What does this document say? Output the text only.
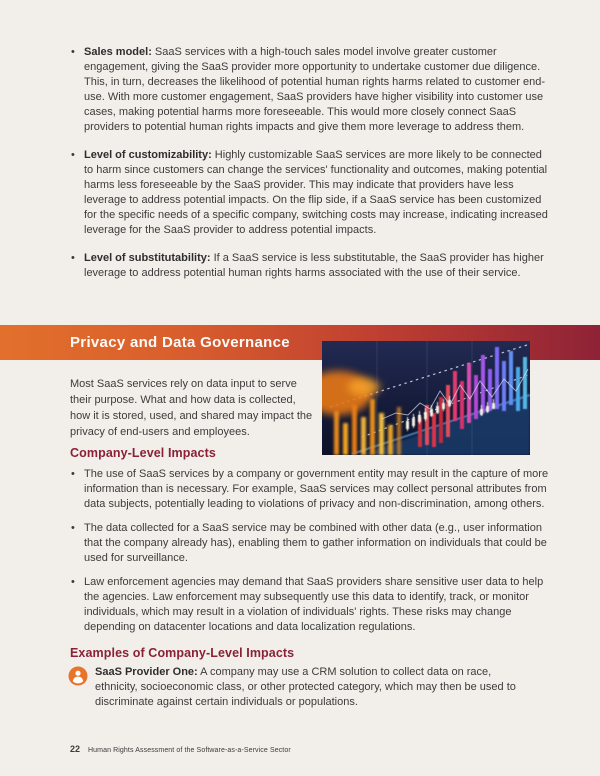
• Sales model: SaaS services with a high-touch sales model involve greater customer engagement, giving the SaaS provider more opportunity to undertake customer due diligence. This, in turn, decreases the likelihood of potential human rights harms related to customer end-use. With more customer engagement, SaaS providers have higher visibility into customer use cases, making potential harms more foreseeable. This would more closely connect SaaS providers to potential human rights impacts and give them more leverage to address them.
• Level of customizability: Highly customizable SaaS services are more likely to be connected to harm since customers can change the services' functionality and outcomes, making potential harms less foreseeable by the SaaS provider. This may indicate that providers have less leverage to address potential impacts. On the flip side, if a SaaS service has been customized for the specific needs of a specific company, switching costs may increase, indicating increased leverage for the SaaS provider to address potential impacts.
• Level of substitutability: If a SaaS service is less substitutable, the SaaS provider has higher leverage to address potential human rights harms associated with the use of their service.
Privacy and Data Governance

Most SaaS services rely on data input to serve their purpose. What and how data is collected, how it is stored, used, and shared may impact the privacy of end-users and employees.

Company-Level Impacts
• The use of SaaS services by a company or government entity may result in the capture of more information than is necessary. For example, SaaS services may collect personal attributes from data subjects, potentially leading to violations of privacy and non-discrimination, among others.
• The data collected for a SaaS service may be combined with other data (e.g., user information that the company already has), enabling them to gather information on individuals that could be used for surveillance.
• Law enforcement agencies may demand that SaaS providers share sensitive user data to help the agencies. Law enforcement may subsequently use this data to identify, track, or monitor individuals, which may result in a violation of individuals' rights. These risks may change depending on datacenter locations and data localization regulations.
Examples of Company-Level Impacts

SaaS Provider One: A company may use a CRM solution to collect data on race, ethnicity, socioeconomic class, or other protected category, which may then be used to discriminate against certain individuals or populations.

22 Human Rights Assessment of the Software-as-a-Service Sector
